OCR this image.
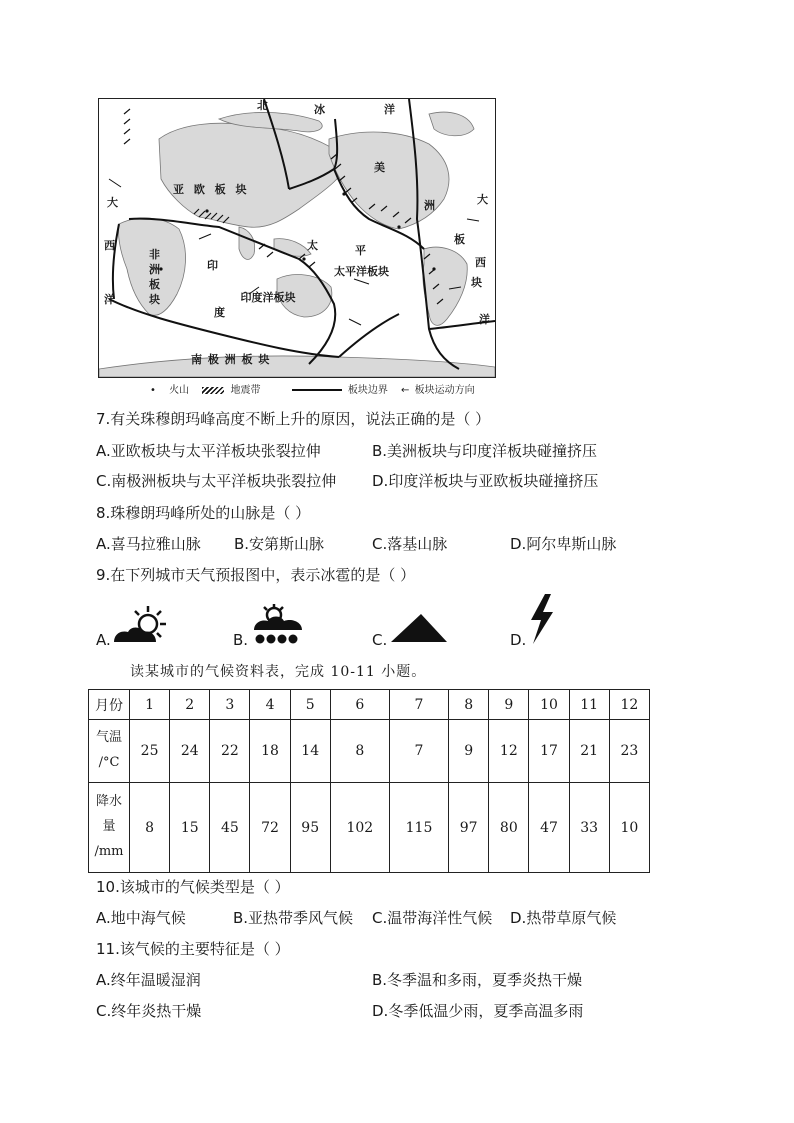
北	冰	洋
美
洲
板
块
大
西
洋
大
西
洋
亚 欧 板 块
非洲板块
印
度
印度洋板块
太	平
太平洋板块
南 极 洲 板 块
• 火山	地震带	板块边界 ← 板块运动方向
7.有关珠穆朗玛峰高度不断上升的原因，说法正确的是（ ）
A.亚欧板块与太平洋板块张裂拉伸	B.美洲板块与印度洋板块碰撞挤压
C.南极洲板块与太平洋板块张裂拉伸 D.印度洋板块与亚欧板块碰撞挤压
8.珠穆朗玛峰所处的山脉是（ ）
A.喜马拉雅山脉 B.安第斯山脉	C.落基山脉	D.阿尔卑斯山脉
9.在下列城市天气预报图中，表示冰雹的是（ ）
A.	B.	C.	D.
读某城市的气候资料表，完成 10-11 小题。
月份	1	2	3	4	5	6	7	8	9	10	11	12

气温
/°C	25	24	22	18	14	8	7	9	12	17	21	23

降水
量
/mm	8	15	45	72	95	102	115	97	80	47	33	10
10.该城市的气候类型是（ ）
A.地中海气候	B.亚热带季风气候 C.温带海洋性气候 D.热带草原气候
11.该气候的主要特征是（ ）
A.终年温暖湿润	B.冬季温和多雨，夏季炎热干燥
C.终年炎热干燥	D.冬季低温少雨，夏季高温多雨
